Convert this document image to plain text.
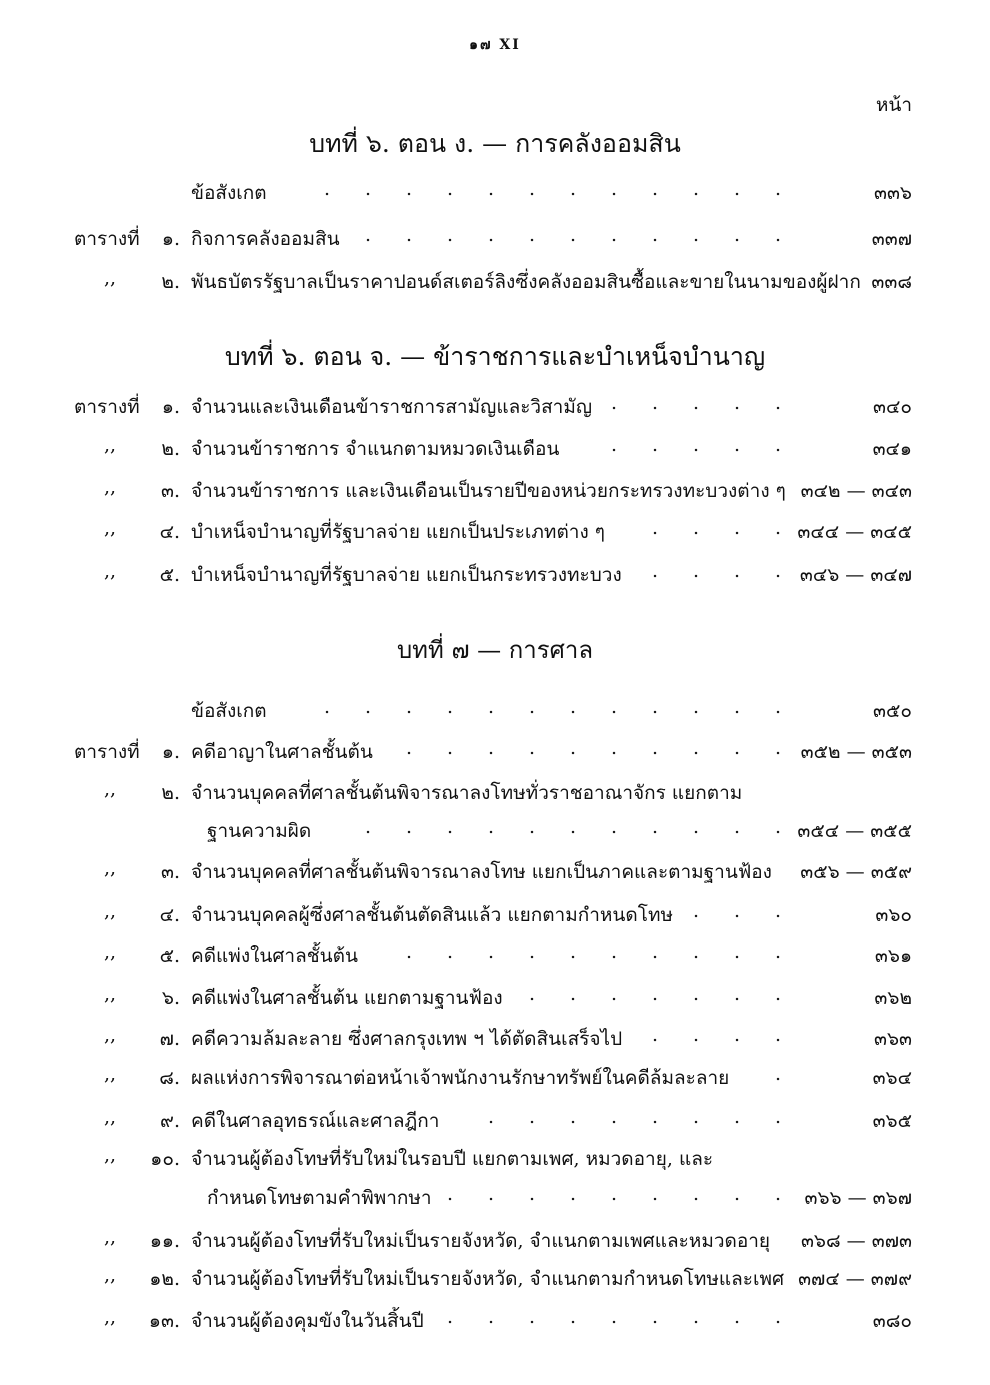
๑๗ XI
หน้า
บทที่ ๖. ตอน ง. — การคลังออมสิน
บทที่ ๖. ตอน จ. — ข้าราชการและบำเหน็จบำนาญ
บทที่ ๗ — การศาล
ข้อสังเกต	๓๓๖
. . . . . . . . . . . .
ตารางที่	๑. กิจการคลังออมสิน	๓๓๗
. . . . . . . . . . .
,,	๒. พันธบัตรรัฐบาลเป็นราคาปอนด์สเตอร์ลิงซึ่งคลังออมสินซื้อและขายในนามของผู้ฝาก ๓๓๘
ตารางที่	๑. จำนวนและเงินเดือนข้าราชการสามัญและวิสามัญ	๓๔๐
. . . . .
,,	๒. จำนวนข้าราชการ จำแนกตามหมวดเงินเดือน	๓๔๑
. . . . .
,,	๓. จำนวนข้าราชการ และเงินเดือนเป็นรายปีของหน่วยกระทรวงทะบวงต่าง ๆ ๓๔๒ — ๓๔๓
,,	๔. บำเหน็จบำนาญที่รัฐบาลจ่าย แยกเป็นประเภทต่าง ๆ	๓๔๔ — ๓๔๕
. . . .
,,	๕. บำเหน็จบำนาญที่รัฐบาลจ่าย แยกเป็นกระทรวงทะบวง	๓๔๖ — ๓๔๗
. . . .
ข้อสังเกต	๓๕๐
. . . . . . . . . . . .
ตารางที่	๑. คดีอาญาในศาลชั้นต้น	๓๕๒ — ๓๕๓
. . . . . . . . . .
,,	๒. จำนวนบุคคลที่ศาลชั้นต้นพิจารณาลงโทษทั่วราชอาณาจักร แยกตาม
ฐานความผิด	๓๕๔ — ๓๕๕
. . . . . . . . . . .
,,	๓. จำนวนบุคคลที่ศาลชั้นต้นพิจารณาลงโทษ แยกเป็นภาคและตามฐานฟ้อง ๓๕๖ — ๓๕๙
,,	๔. จำนวนบุคคลผู้ซึ่งศาลชั้นต้นตัดสินแล้ว แยกตามกำหนดโทษ	๓๖๐
. . .
,,	๕. คดีแพ่งในศาลชั้นต้น	๓๖๑
. . . . . . . . . .
,,	๖. คดีแพ่งในศาลชั้นต้น แยกตามฐานฟ้อง	๓๖๒
. . . . . . .
,,	๗. คดีความล้มละลาย ซึ่งศาลกรุงเทพ ฯ ได้ตัดสินเสร็จไป	๓๖๓
. . . .
,,	๘. ผลแห่งการพิจารณาต่อหน้าเจ้าพนักงานรักษาทรัพย์ในคดีล้มละลาย	๓๖๔
.
,,	๙. คดีในศาลอุทธรณ์และศาลฎีกา	๓๖๕
. . . . . . . .
,,	๑๐. จำนวนผู้ต้องโทษที่รับใหม่ในรอบปี แยกตามเพศ, หมวดอายุ, และ
กำหนดโทษตามคำพิพากษา	๓๖๖ — ๓๖๗
. . . . . . . . .
,,	๑๑. จำนวนผู้ต้องโทษที่รับใหม่เป็นรายจังหวัด, จำแนกตามเพศและหมวดอายุ ๓๖๘ — ๓๗๓
,,	๑๒. จำนวนผู้ต้องโทษที่รับใหม่เป็นรายจังหวัด, จำแนกตามกำหนดโทษและเพศ ๓๗๔ — ๓๗๙
,,	๑๓. จำนวนผู้ต้องคุมขังในวันสิ้นปี	๓๘๐
. . . . . . . . .
